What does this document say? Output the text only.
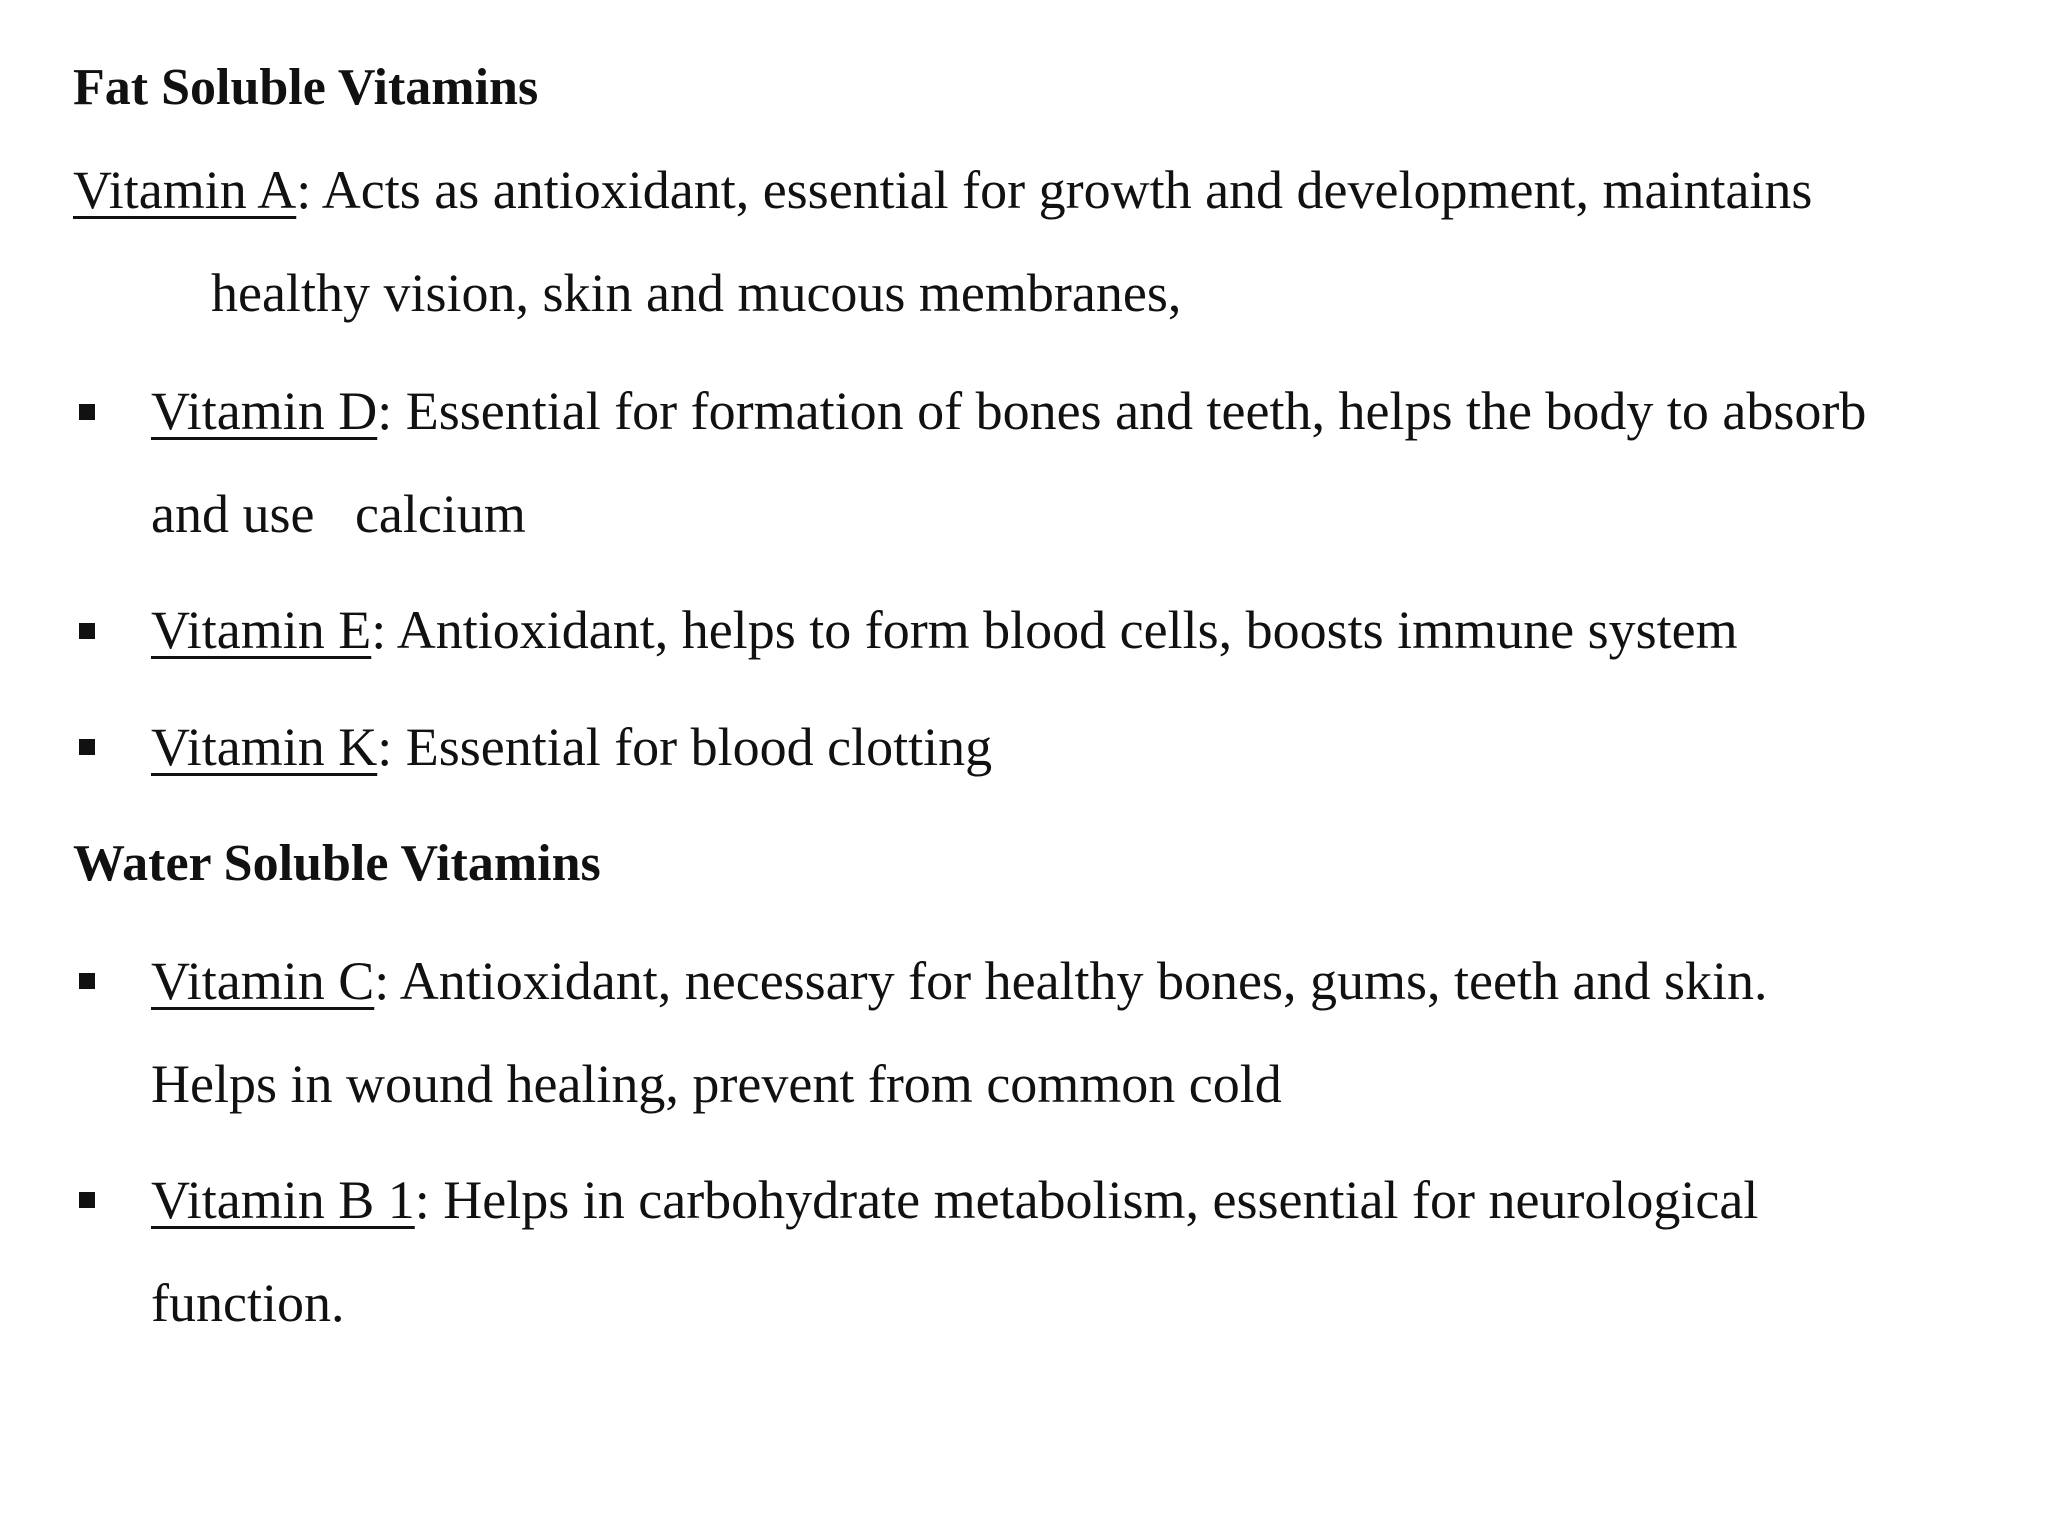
Fat Soluble Vitamins
Vitamin A: Acts as antioxidant, essential for growth and development, maintains
healthy vision, skin and mucous membranes,
Vitamin D: Essential for formation of bones and teeth, helps the body to absorb
and use   calcium
Vitamin E: Antioxidant, helps to form blood cells, boosts immune system
Vitamin K: Essential for blood clotting
Water Soluble Vitamins
Vitamin C: Antioxidant, necessary for healthy bones, gums, teeth and skin.
Helps in wound healing, prevent from common cold
Vitamin B 1: Helps in carbohydrate metabolism, essential for neurological
function.
